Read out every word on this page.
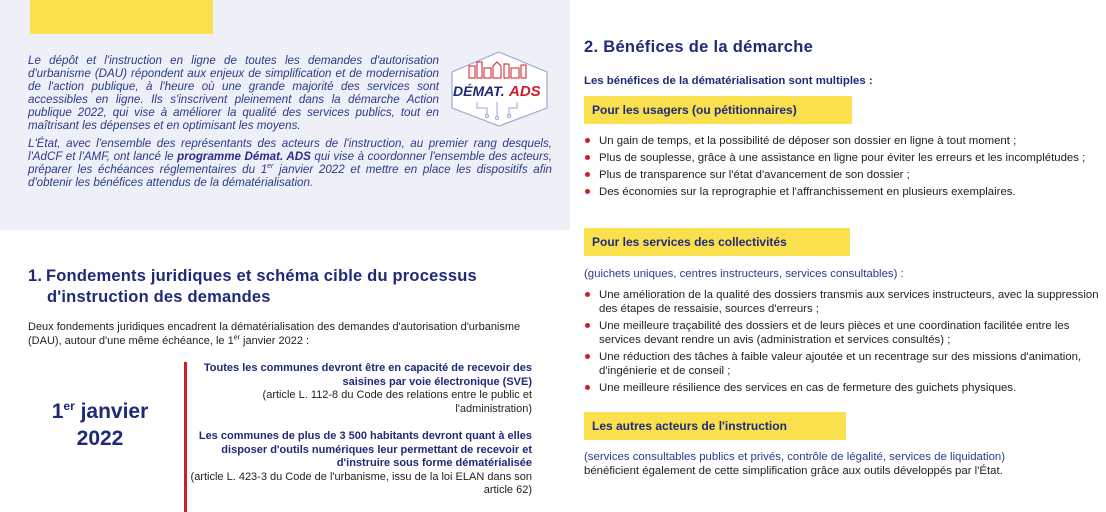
DÉMAT. ADS
Le dépôt et l'instruction en ligne de toutes les demandes d'autorisation d'urbanisme (DAU) répondent aux enjeux de simplification et de modernisation de l'action publique, à l'heure où une grande majorité des services sont accessibles en ligne. Ils s'inscrivent pleinement dans la démarche Action publique 2022, qui vise à améliorer la qualité des services publics, tout en maîtrisant les dépenses et en optimisant les moyens.

L'État, avec l'ensemble des représentants des acteurs de l'instruction, au premier rang desquels, l'AdCF et l'AMF, ont lancé le programme Démat. ADS qui vise à coordonner l'ensemble des acteurs, préparer les échéances réglementaires du 1er janvier 2022 et mettre en place les dispositifs afin d'obtenir les bénéfices attendus de la dématérialisation.

1. Fondements juridiques et schéma cible du processus
d'instruction des demandes
Deux fondements juridiques encadrent la dématérialisation des demandes d'autorisation d'urbanisme (DAU), autour d'une même échéance, le 1er janvier 2022 :
1er janvier
2022
Toutes les communes devront être en capacité de recevoir des saisines par voie électronique (SVE)
(article L. 112-8 du Code des relations entre le public et l'administration)
Les communes de plus de 3 500 habitants devront quant à elles disposer d'outils numériques leur permettant de recevoir et d'instruire sous forme dématérialisée
(article L. 423-3 du Code de l'urbanisme, issu de la loi ELAN dans son article 62)
2. Bénéfices de la démarche
Les bénéfices de la dématérialisation sont multiples :
Pour les usagers (ou pétitionnaires)
Un gain de temps, et la possibilité de déposer son dossier en ligne à tout moment ;
Plus de souplesse, grâce à une assistance en ligne pour éviter les erreurs et les incomplétudes ;
Plus de transparence sur l'état d'avancement de son dossier ;
Des économies sur la reprographie et l'affranchissement en plusieurs exemplaires.
Pour les services des collectivités
(guichets uniques, centres instructeurs, services consultables) :
Une amélioration de la qualité des dossiers transmis aux services instructeurs, avec la suppression des étapes de ressaisie, sources d'erreurs ;
Une meilleure traçabilité des dossiers et de leurs pièces et une coordination facilitée entre les services devant rendre un avis (administration et services consultés) ;
Une réduction des tâches à faible valeur ajoutée et un recentrage sur des missions d'animation, d'ingénierie et de conseil ;
Une meilleure résilience des services en cas de fermeture des guichets physiques.
Les autres acteurs de l'instruction
(services consultables publics et privés, contrôle de légalité, services de liquidation)
bénéficient également de cette simplification grâce aux outils développés par l'État.
